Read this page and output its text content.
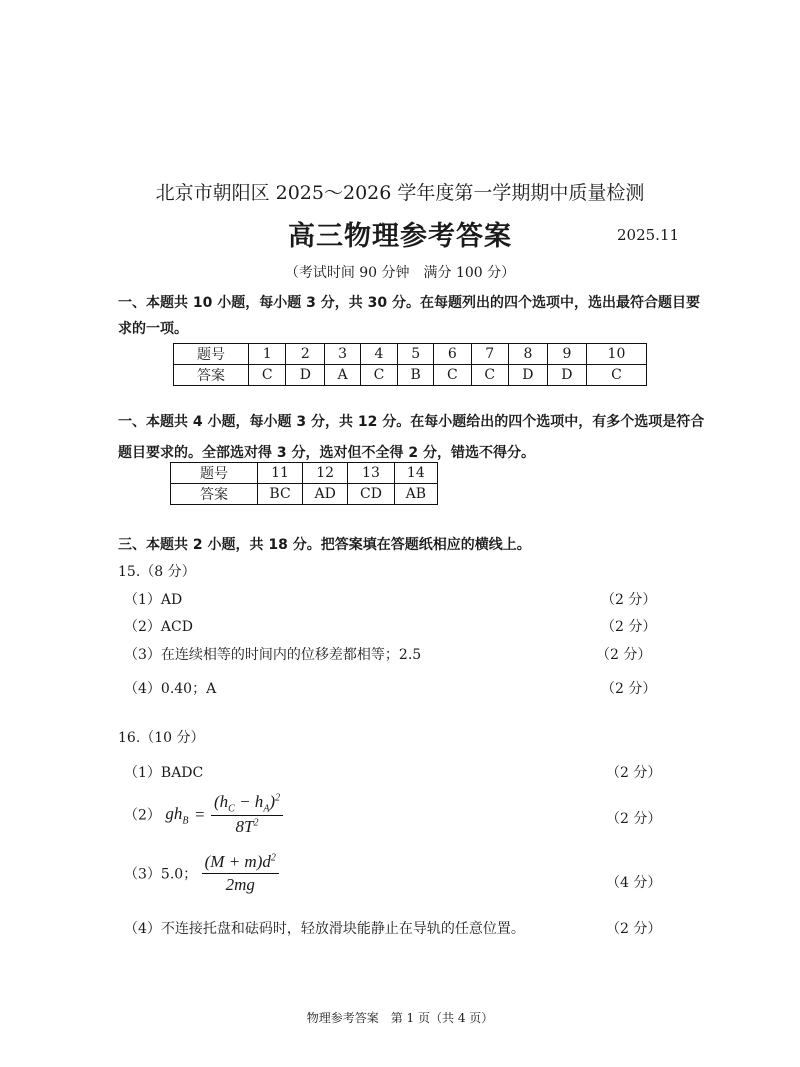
北京市朝阳区 2025～2026 学年度第一学期期中质量检测
高三物理参考答案	2025.11
（考试时间 90 分钟　满分 100 分）
一、本题共 10 小题，每小题 3 分，共 30 分。在每题列出的四个选项中，选出最符合题目要
求的一项。
题号	1	2	3	4	5	6	7	8	9	10
答案	C	D	A	C	B	C	C	D	D	C
一、本题共 4 小题，每小题 3 分，共 12 分。在每小题给出的四个选项中，有多个选项是符合
题目要求的。全部选对得 3 分，选对但不全得 2 分，错选不得分。
题号	11	12	13	14
答案	BC	AD	CD	AB
三、本题共 2 小题，共 18 分。把答案填在答题纸相应的横线上。
15.（8 分）
（1）AD	（2 分）
（2）ACD	（2 分）
（3）在连续相等的时间内的位移差都相等；2.5	（2 分）
（4）0.40；A	（2 分）
16.（10 分）
（1）BADC	（2 分）
（2） $gh_B = \frac{(h_C - h_A)^2}{8T^2}$	（2 分）
（3）5.0； $\frac{(M + m)d^2}{2mg}$	（4 分）
（4）不连接托盘和砝码时，轻放滑块能静止在导轨的任意位置。	（2 分）
物理参考答案　第 1 页（共 4 页）
